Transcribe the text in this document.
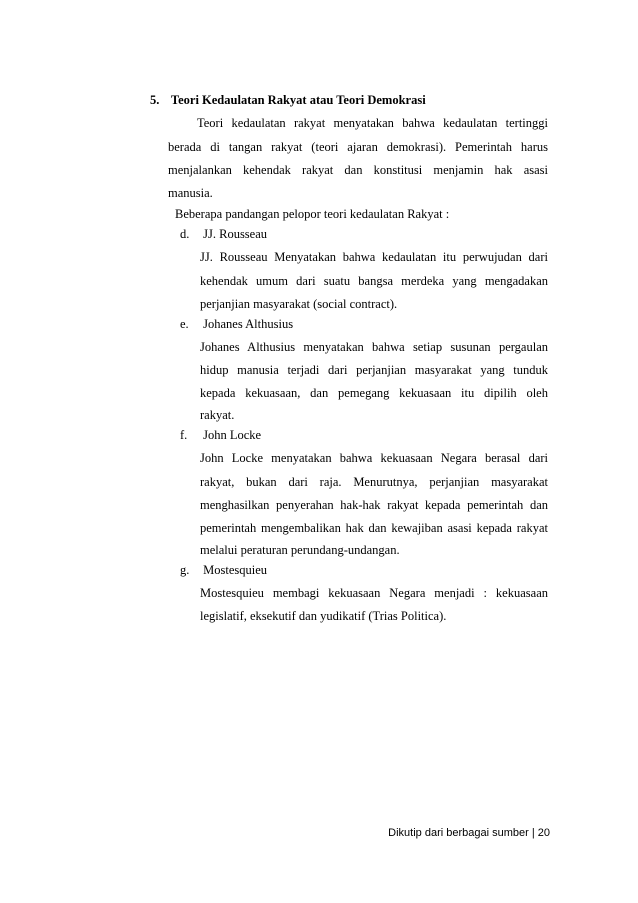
5. Teori Kedaulatan Rakyat atau Teori Demokrasi
Teori kedaulatan rakyat menyatakan bahwa kedaulatan tertinggi
berada di tangan rakyat (teori ajaran demokrasi). Pemerintah harus
menjalankan kehendak rakyat dan konstitusi menjamin hak asasi
manusia.
Beberapa pandangan pelopor teori kedaulatan Rakyat :
d. JJ. Rousseau
JJ. Rousseau Menyatakan bahwa kedaulatan itu perwujudan dari
kehendak umum dari suatu bangsa merdeka yang mengadakan
perjanjian masyarakat (social contract).
e. Johanes Althusius
Johanes Althusius menyatakan bahwa setiap susunan pergaulan
hidup manusia terjadi dari perjanjian masyarakat yang tunduk
kepada kekuasaan, dan pemegang kekuasaan itu dipilih oleh
rakyat.
f. John Locke
John Locke menyatakan bahwa kekuasaan Negara berasal dari
rakyat, bukan dari raja. Menurutnya, perjanjian masyarakat
menghasilkan penyerahan hak-hak rakyat kepada pemerintah dan
pemerintah mengembalikan hak dan kewajiban asasi kepada rakyat
melalui peraturan perundang-undangan.
g. Mostesquieu
Mostesquieu membagi kekuasaan Negara menjadi : kekuasaan
legislatif, eksekutif dan yudikatif (Trias Politica).
Dikutip dari berbagai sumber | 20
